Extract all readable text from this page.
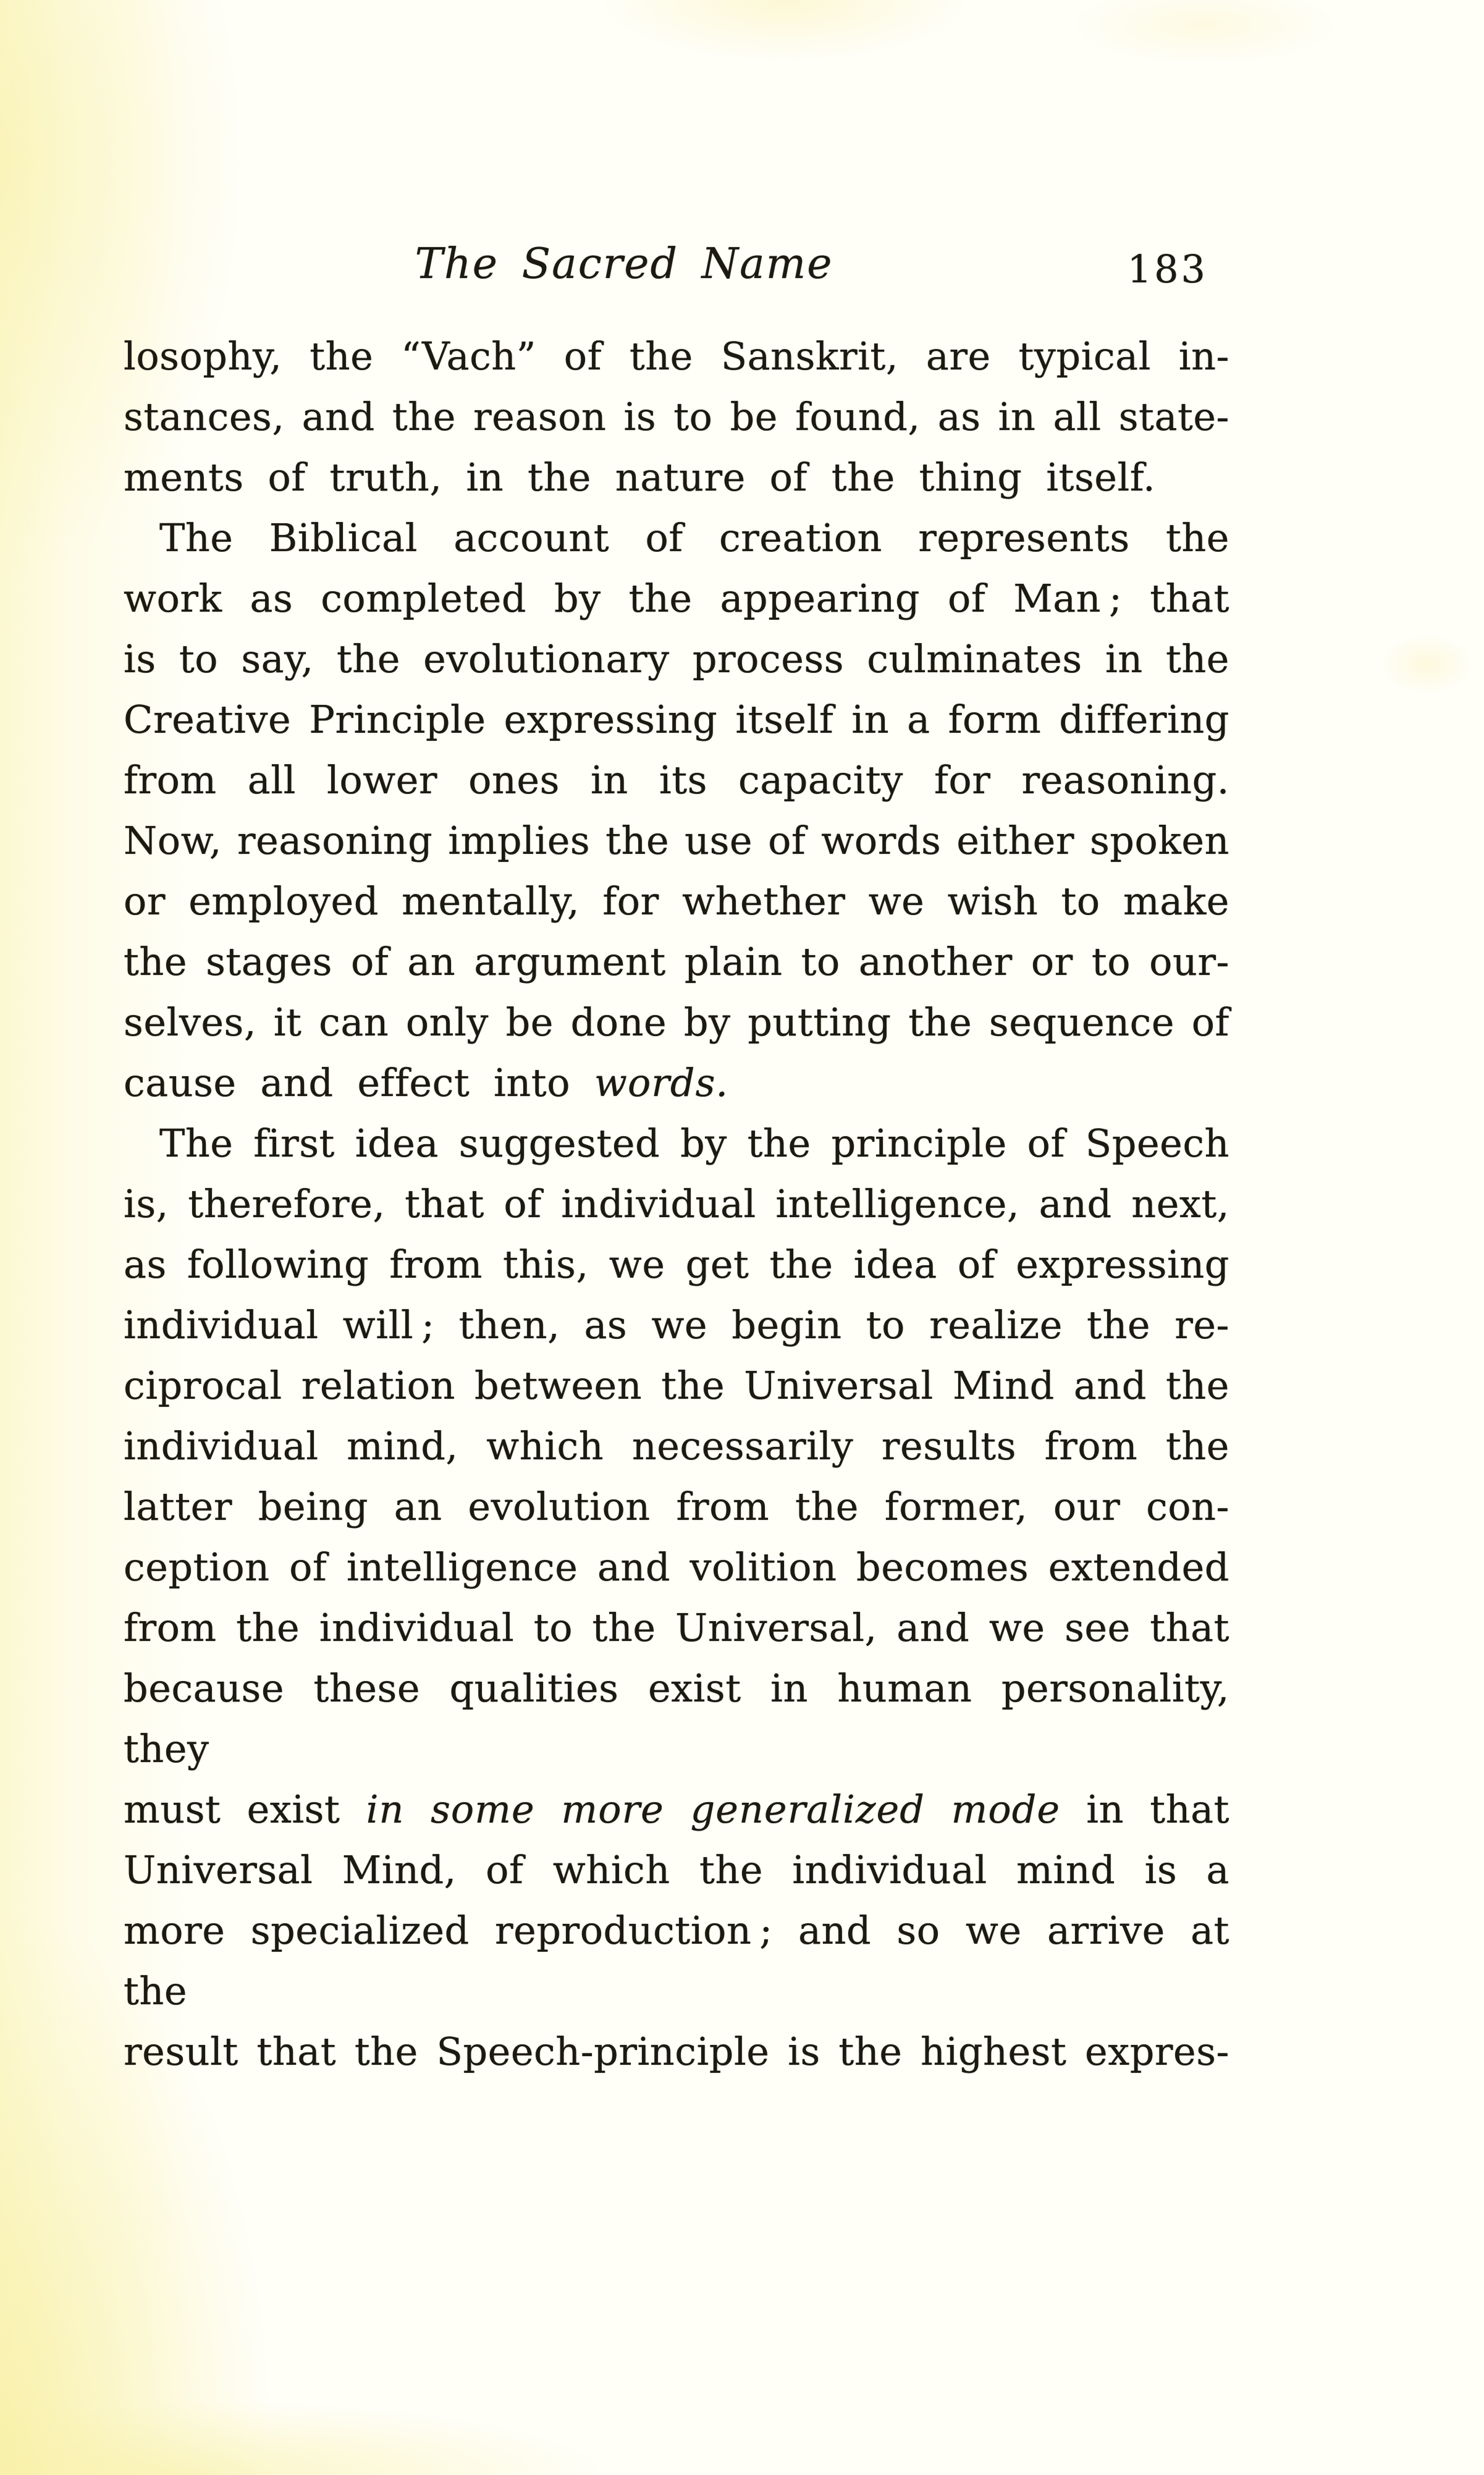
The Sacred Name	183
losophy, the “Vach” of the Sanskrit, are typical in-
stances, and the reason is to be found, as in all state-
ments of truth, in the nature of the thing itself.
The Biblical account of creation represents the
work as completed by the appearing of Man ; that
is to say, the evolutionary process culminates in the
Creative Principle expressing itself in a form differing
from all lower ones in its capacity for reasoning.
Now, reasoning implies the use of words either spoken
or employed mentally, for whether we wish to make
the stages of an argument plain to another or to our-
selves, it can only be done by putting the sequence of
cause and effect into words.
The first idea suggested by the principle of Speech
is, therefore, that of individual intelligence, and next,
as following from this, we get the idea of expressing
individual will ; then, as we begin to realize the re-
ciprocal relation between the Universal Mind and the
individual mind, which necessarily results from the
latter being an evolution from the former, our con-
ception of intelligence and volition becomes extended
from the individual to the Universal, and we see that
because these qualities exist in human personality, they
must exist in some more generalized mode in that
Universal Mind, of which the individual mind is a
more specialized reproduction ; and so we arrive at the
result that the Speech-principle is the highest expres-
